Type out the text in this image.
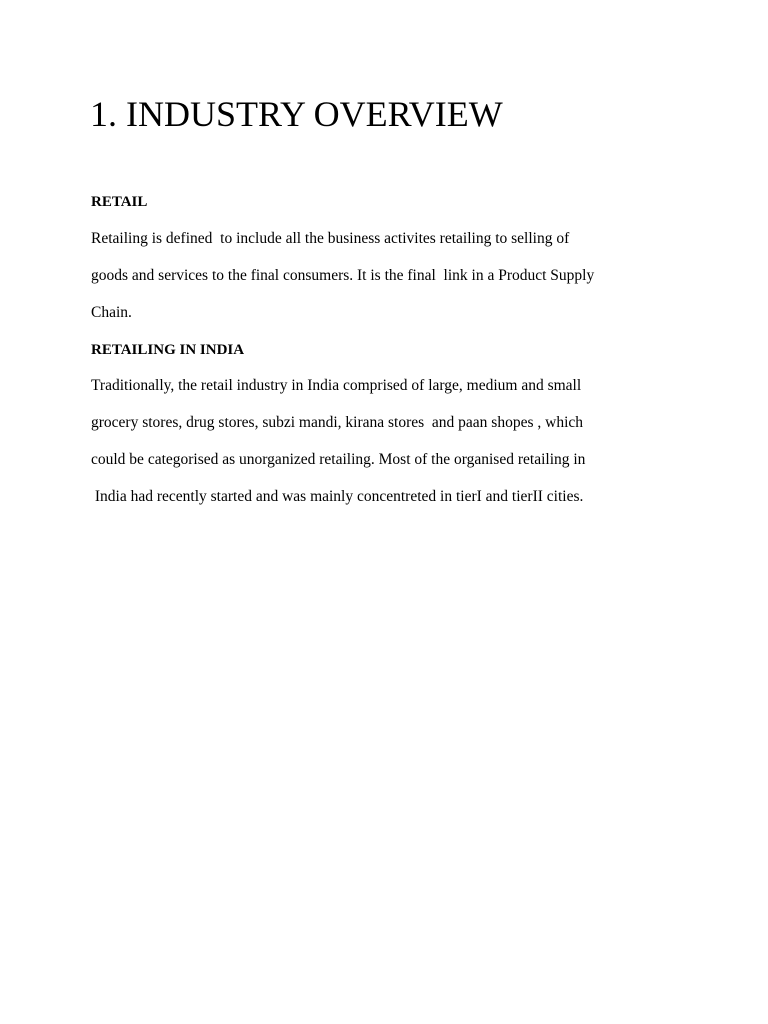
1. INDUSTRY OVERVIEW
RETAIL

Retailing is defined  to include all the business activites retailing to selling of

goods and services to the final consumers. It is the final  link in a Product Supply

Chain.

RETAILING IN INDIA

Traditionally, the retail industry in India comprised of large, medium and small

grocery stores, drug stores, subzi mandi, kirana stores  and paan shopes , which

could be categorised as unorganized retailing. Most of the organised retailing in

India had recently started and was mainly concentreted in tierI and tierII cities.
